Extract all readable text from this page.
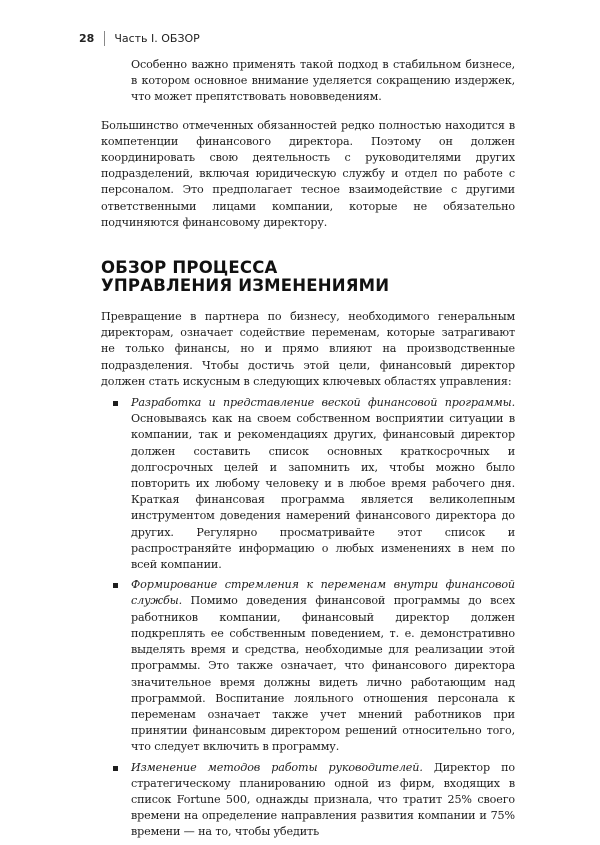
28 Часть I. ОБЗОР

Особенно важно применять такой подход в стабильном бизнесе, в котором основное внимание уделяется сокращению издержек, что может препятствовать нововведениям.

Большинство отмеченных обязанностей редко полностью находится в компетенции финансового директора. Поэтому он должен координировать свою деятельность с руководителями других подразделений, включая юридическую службу и отдел по работе с персоналом. Это предполагает тесное взаимодействие с другими ответственными лицами компании, которые не обязательно подчиняются финансовому директору.

ОБЗОР ПРОЦЕССА
УПРАВЛЕНИЯ ИЗМЕНЕНИЯМИ

Превращение в партнера по бизнесу, необходимого генеральным директорам, означает содействие переменам, которые затрагивают не только финансы, но и прямо влияют на производственные подразделения. Чтобы достичь этой цели, финансовый директор должен стать искусным в следующих ключевых областях управления:

Разработка и представление веской финансовой программы. Основываясь как на своем собственном восприятии ситуации в компании, так и рекомендациях других, финансовый директор должен составить список основных краткосрочных и долгосрочных целей и запомнить их, чтобы можно было повторить их любому человеку и в любое время рабочего дня. Краткая финансовая программа является великолепным инструментом доведения намерений финансового директора до других. Регулярно просматривайте этот список и распространяйте информацию о любых изменениях в нем по всей компании.
Формирование стремления к переменам внутри финансовой службы. Помимо доведения финансовой программы до всех работников компании, финансовый директор должен подкреплять ее собственным поведением, т. е. демонстративно выделять время и средства, необходимые для реализации этой программы. Это также означает, что финансового директора значительное время должны видеть лично работающим над программой. Воспитание лояльного отношения персонала к переменам означает также учет мнений работников при принятии финансовым директором решений относительно того, что следует включить в программу.
Изменение методов работы руководителей. Директор по стратегическому планированию одной из фирм, входящих в список Fortune 500, однажды признала, что тратит 25% своего времени на определение направления развития компании и 75% времени — на то, чтобы убедить
